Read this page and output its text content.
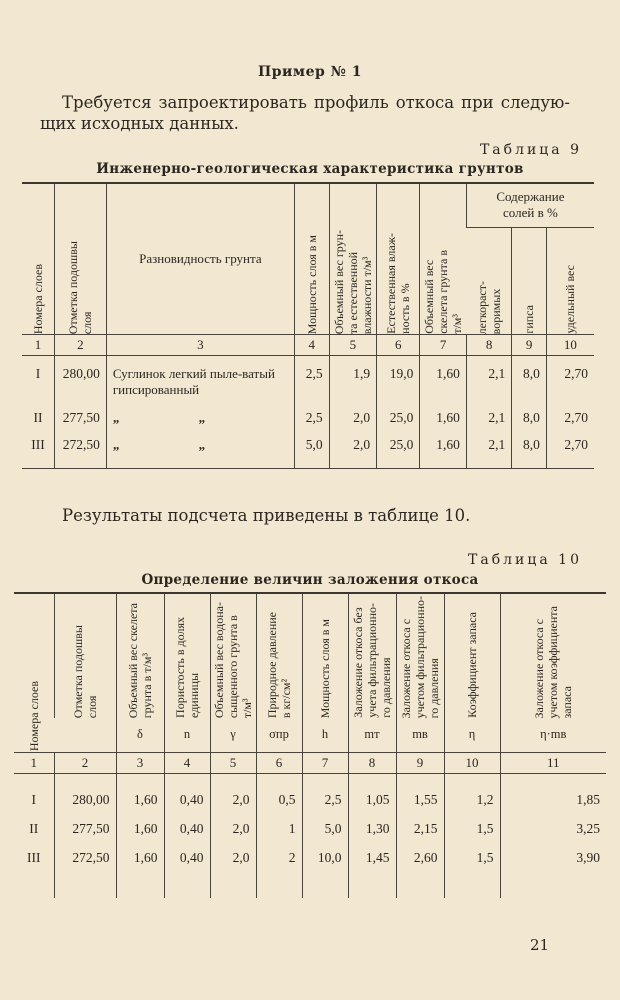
Пример № 1
Требуется запроектировать профиль откоса при следую-щих исходных данных.
Таблица 9
Инженерно-геологическая характеристика грунтов
Номера слоев	Отметка подошвы
слоя	Разновидность грунта	Мощность слоя в м	Объемный вес грун-
та естественной
влажности т/м³	Естественная влаж-
ность в %	Объемный вес
скелета грунта в
т/м³	Содержание солей в %		

							легкораст-
воримых	гипса	удельный вес

1	2	3	4	5	6	7	8	9	10

I	280,00	Суглинок легкий пыле-ватый гипсированный	2,5	1,9	19,0	1,60	2,1	8,0	2,70
II	277,50	„ „	2,5	2,0	25,0	1,60	2,1	8,0	2,70
III	272,50	„ „	5,0	2,0	25,0	1,60	2,1	8,0	2,70

Результаты подсчета приведены в таблице 10.
Таблица 10
Определение величин заложения откоса
Номера слоев	Отметка подошвы
слоя	Объемный вес скелета
грунта в т/м³	Пористость в долях
единицы	Объемный вес водона-
сыщенного грунта в
т/м³	Природное давление
в кг/см²	Мощность слоя в м	Заложение откоса без
учета фильтрационно-
го давления	Заложение откоса с
учетом фильтрационно-
го давления	Коэффициент запаса	Заложение откоса с
учетом коэффициента
запаса

		δ	n	γ	σпр	h	mт	mв	η	η·mв
1	2	3	4	5	6	7	8	9	10	11

I	280,00	1,60	0,40	2,0	0,5	2,5	1,05	1,55	1,2	1,85
II	277,50	1,60	0,40	2,0	1	5,0	1,30	2,15	1,5	3,25
III	272,50	1,60	0,40	2,0	2	10,0	1,45	2,60	1,5	3,90

21
